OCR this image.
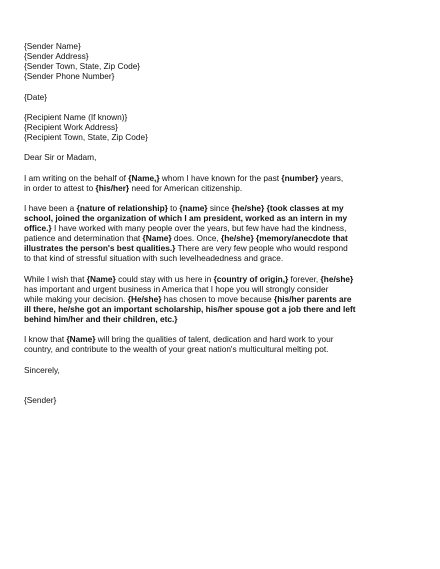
{Sender Name}
{Sender Address}
{Sender Town, State, Zip Code}
{Sender Phone Number}
{Date}
{Recipient Name (If known)}
{Recipient Work Address}
{Recipient Town, State, Zip Code}
Dear Sir or Madam,
I am writing on the behalf of {Name,} whom I have known for the past {number} years,
in order to attest to {his/her} need for American citizenship.
I have been a {nature of relationship} to {name} since {he/she} {took classes at my
school, joined the organization of which I am president, worked as an intern in my
office.} I have worked with many people over the years, but few have had the kindness,
patience and determination that {Name} does. Once, {he/she} {memory/anecdote that
illustrates the person's best qualities.} There are very few people who would respond
to that kind of stressful situation with such levelheadedness and grace.
While I wish that {Name} could stay with us here in {country of origin,} forever, {he/she}
has important and urgent business in America that I hope you will strongly consider
while making your decision. {He/she} has chosen to move because {his/her parents are
ill there, he/she got an important scholarship, his/her spouse got a job there and left
behind him/her and their children, etc.}
I know that {Name} will bring the qualities of talent, dedication and hard work to your
country, and contribute to the wealth of your great nation's multicultural melting pot.
Sincerely,
{Sender}
